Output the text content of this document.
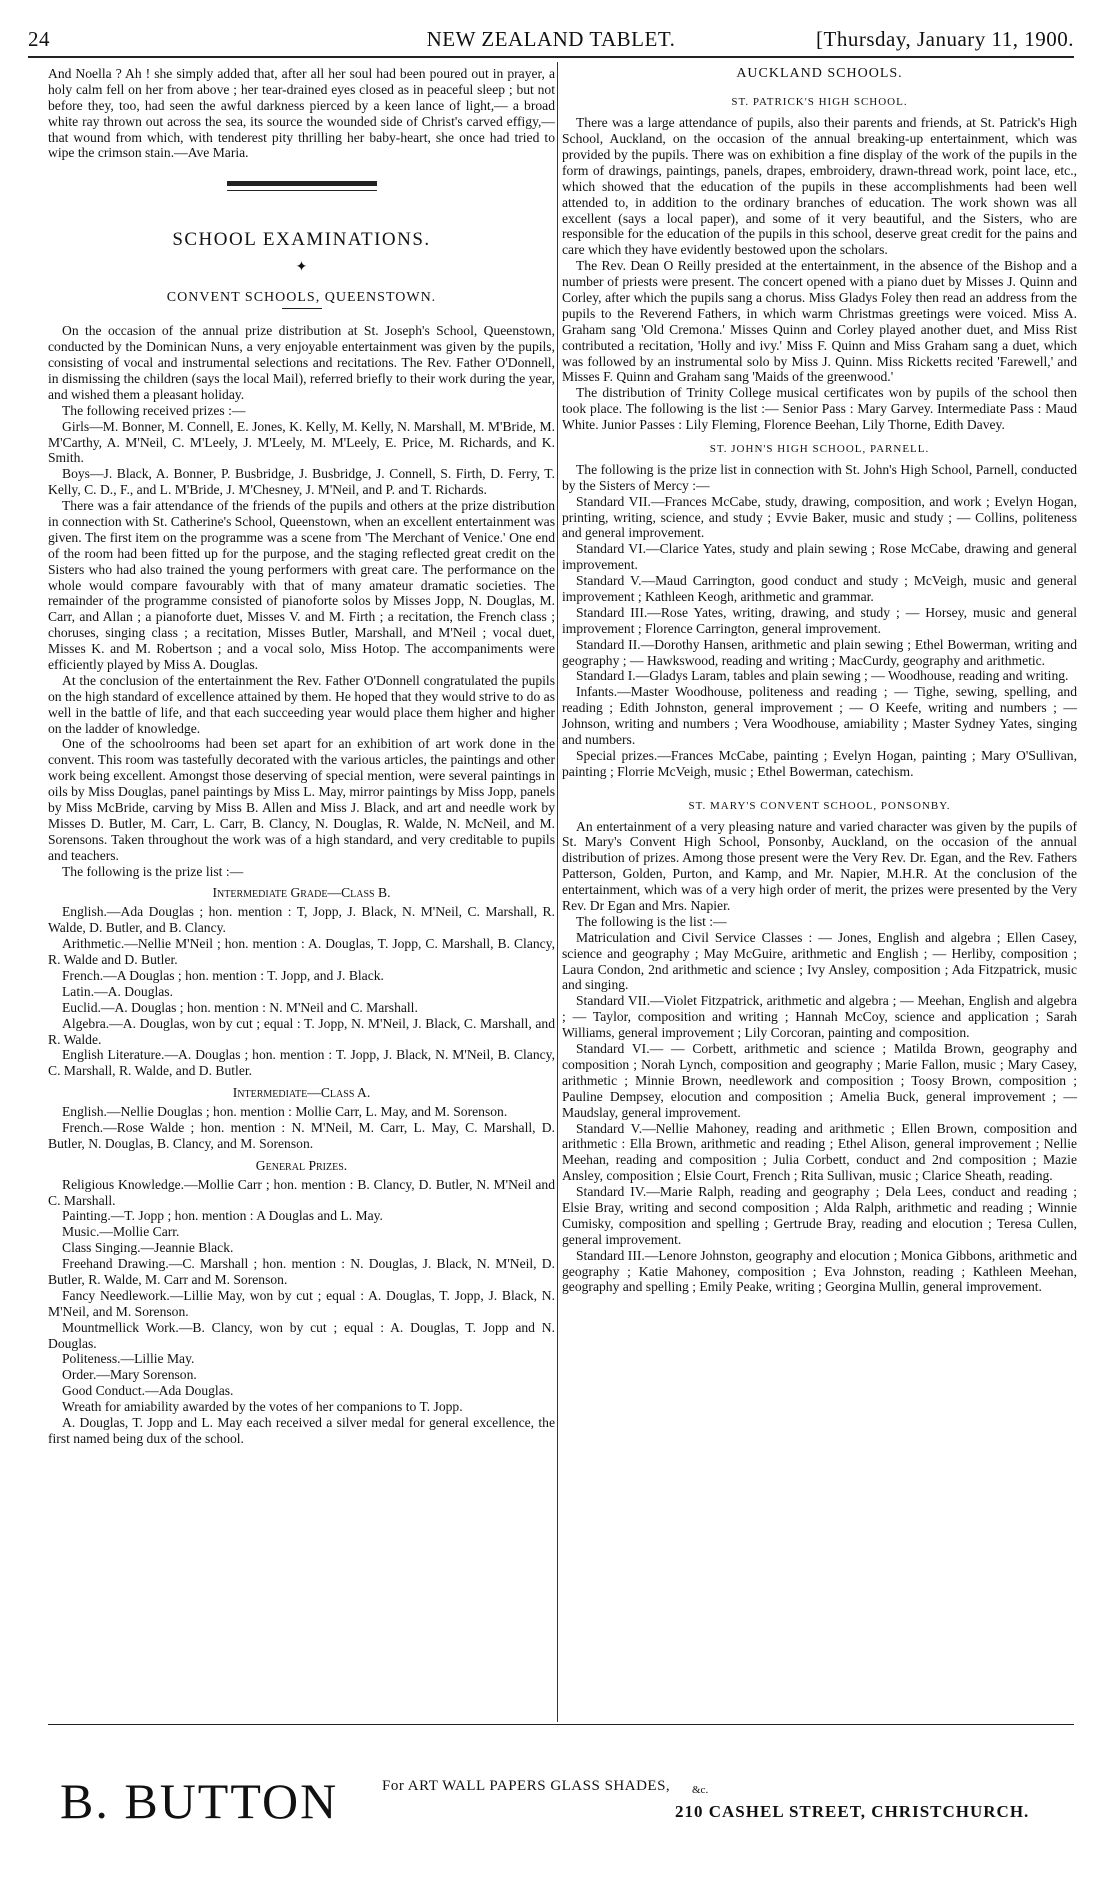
24	NEW ZEALAND TABLET.	[Thursday, January 11, 1900.

And Noella ? Ah ! she simply added that, after all her soul had been poured out in prayer, a holy calm fell on her from above ; her tear-drained eyes closed as in peaceful sleep ; but not before they, too, had seen the awful darkness pierced by a keen lance of light,— a broad white ray thrown out across the sea, its source the wounded side of Christ's carved effigy,—that wound from which, with tenderest pity thrilling her baby-heart, she once had tried to wipe the crimson stain.—Ave Maria.

SCHOOL EXAMINATIONS.
✦
CONVENT SCHOOLS, QUEENSTOWN.

On the occasion of the annual prize distribution at St. Joseph's School, Queenstown, conducted by the Dominican Nuns, a very enjoyable entertainment was given by the pupils, consisting of vocal and instrumental selections and recitations. The Rev. Father O'Donnell, in dismissing the children (says the local Mail), referred briefly to their work during the year, and wished them a pleasant holiday.

The following received prizes :—

Girls—M. Bonner, M. Connell, E. Jones, K. Kelly, M. Kelly, N. Marshall, M. M'Bride, M. M'Carthy, A. M'Neil, C. M'Leely, J. M'Leely, M. M'Leely, E. Price, M. Richards, and K. Smith.

Boys—J. Black, A. Bonner, P. Busbridge, J. Busbridge, J. Connell, S. Firth, D. Ferry, T. Kelly, C. D., F., and L. M'Bride, J. M'Chesney, J. M'Neil, and P. and T. Richards.

There was a fair attendance of the friends of the pupils and others at the prize distribution in connection with St. Catherine's School, Queenstown, when an excellent entertainment was given. The first item on the programme was a scene from 'The Merchant of Venice.' One end of the room had been fitted up for the purpose, and the staging reflected great credit on the Sisters who had also trained the young performers with great care. The performance on the whole would compare favourably with that of many amateur dramatic societies. The remainder of the programme consisted of pianoforte solos by Misses Jopp, N. Douglas, M. Carr, and Allan ; a pianoforte duet, Misses V. and M. Firth ; a recitation, the French class ; choruses, singing class ; a recitation, Misses Butler, Marshall, and M'Neil ; vocal duet, Misses K. and M. Robertson ; and a vocal solo, Miss Hotop. The accompaniments were efficiently played by Miss A. Douglas.

At the conclusion of the entertainment the Rev. Father O'Donnell congratulated the pupils on the high standard of excellence attained by them. He hoped that they would strive to do as well in the battle of life, and that each succeeding year would place them higher and higher on the ladder of knowledge.

One of the schoolrooms had been set apart for an exhibition of art work done in the convent. This room was tastefully decorated with the various articles, the paintings and other work being excellent. Amongst those deserving of special mention, were several paintings in oils by Miss Douglas, panel paintings by Miss L. May, mirror paintings by Miss Jopp, panels by Miss McBride, carving by Miss B. Allen and Miss J. Black, and art and needle work by Misses D. Butler, M. Carr, L. Carr, B. Clancy, N. Douglas, R. Walde, N. McNeil, and M. Sorensons. Taken throughout the work was of a high standard, and very creditable to pupils and teachers.

The following is the prize list :—

Intermediate Grade—Class B.

English.—Ada Douglas ; hon. mention : T, Jopp, J. Black, N. M'Neil, C. Marshall, R. Walde, D. Butler, and B. Clancy.

Arithmetic.—Nellie M'Neil ; hon. mention : A. Douglas, T. Jopp, C. Marshall, B. Clancy, R. Walde and D. Butler.

French.—A Douglas ; hon. mention : T. Jopp, and J. Black.

Latin.—A. Douglas.

Euclid.—A. Douglas ; hon. mention : N. M'Neil and C. Marshall.

Algebra.—A. Douglas, won by cut ; equal : T. Jopp, N. M'Neil, J. Black, C. Marshall, and R. Walde.

English Literature.—A. Douglas ; hon. mention : T. Jopp, J. Black, N. M'Neil, B. Clancy, C. Marshall, R. Walde, and D. Butler.

Intermediate—Class A.

English.—Nellie Douglas ; hon. mention : Mollie Carr, L. May, and M. Sorenson.

French.—Rose Walde ; hon. mention : N. M'Neil, M. Carr, L. May, C. Marshall, D. Butler, N. Douglas, B. Clancy, and M. Sorenson.

General Prizes.

Religious Knowledge.—Mollie Carr ; hon. mention : B. Clancy, D. Butler, N. M'Neil and C. Marshall.

Painting.—T. Jopp ; hon. mention : A Douglas and L. May.

Music.—Mollie Carr.

Class Singing.—Jeannie Black.

Freehand Drawing.—C. Marshall ; hon. mention : N. Douglas, J. Black, N. M'Neil, D. Butler, R. Walde, M. Carr and M. Sorenson.

Fancy Needlework.—Lillie May, won by cut ; equal : A. Douglas, T. Jopp, J. Black, N. M'Neil, and M. Sorenson.

Mountmellick Work.—B. Clancy, won by cut ; equal : A. Douglas, T. Jopp and N. Douglas.

Politeness.—Lillie May.

Order.—Mary Sorenson.

Good Conduct.—Ada Douglas.

Wreath for amiability awarded by the votes of her companions to T. Jopp.

A. Douglas, T. Jopp and L. May each received a silver medal for general excellence, the first named being dux of the school.

AUCKLAND SCHOOLS.
ST. PATRICK'S HIGH SCHOOL.

There was a large attendance of pupils, also their parents and friends, at St. Patrick's High School, Auckland, on the occasion of the annual breaking-up entertainment, which was provided by the pupils. There was on exhibition a fine display of the work of the pupils in the form of drawings, paintings, panels, drapes, embroidery, drawn-thread work, point lace, etc., which showed that the education of the pupils in these accomplishments had been well attended to, in addition to the ordinary branches of education. The work shown was all excellent (says a local paper), and some of it very beautiful, and the Sisters, who are responsible for the education of the pupils in this school, deserve great credit for the pains and care which they have evidently bestowed upon the scholars.

The Rev. Dean O Reilly presided at the entertainment, in the absence of the Bishop and a number of priests were present. The concert opened with a piano duet by Misses J. Quinn and Corley, after which the pupils sang a chorus. Miss Gladys Foley then read an address from the pupils to the Reverend Fathers, in which warm Christmas greetings were voiced. Miss A. Graham sang 'Old Cremona.' Misses Quinn and Corley played another duet, and Miss Rist contributed a recitation, 'Holly and ivy.' Miss F. Quinn and Miss Graham sang a duet, which was followed by an instrumental solo by Miss J. Quinn. Miss Ricketts recited 'Farewell,' and Misses F. Quinn and Graham sang 'Maids of the greenwood.'

The distribution of Trinity College musical certificates won by pupils of the school then took place. The following is the list :— Senior Pass : Mary Garvey. Intermediate Pass : Maud White. Junior Passes : Lily Fleming, Florence Beehan, Lily Thorne, Edith Davey.

ST. JOHN'S HIGH SCHOOL, PARNELL.

The following is the prize list in connection with St. John's High School, Parnell, conducted by the Sisters of Mercy :—

Standard VII.—Frances McCabe, study, drawing, composition, and work ; Evelyn Hogan, printing, writing, science, and study ; Evvie Baker, music and study ; — Collins, politeness and general improvement.

Standard VI.—Clarice Yates, study and plain sewing ; Rose McCabe, drawing and general improvement.

Standard V.—Maud Carrington, good conduct and study ; McVeigh, music and general improvement ; Kathleen Keogh, arithmetic and grammar.

Standard III.—Rose Yates, writing, drawing, and study ; — Horsey, music and general improvement ; Florence Carrington, general improvement.

Standard II.—Dorothy Hansen, arithmetic and plain sewing ; Ethel Bowerman, writing and geography ; — Hawkswood, reading and writing ; MacCurdy, geography and arithmetic.

Standard I.—Gladys Laram, tables and plain sewing ; — Woodhouse, reading and writing.

Infants.—Master Woodhouse, politeness and reading ; — Tighe, sewing, spelling, and reading ; Edith Johnston, general improvement ; — O Keefe, writing and numbers ; — Johnson, writing and numbers ; Vera Woodhouse, amiability ; Master Sydney Yates, singing and numbers.

Special prizes.—Frances McCabe, painting ; Evelyn Hogan, painting ; Mary O'Sullivan, painting ; Florrie McVeigh, music ; Ethel Bowerman, catechism.

ST. MARY'S CONVENT SCHOOL, PONSONBY.

An entertainment of a very pleasing nature and varied character was given by the pupils of St. Mary's Convent High School, Ponsonby, Auckland, on the occasion of the annual distribution of prizes. Among those present were the Very Rev. Dr. Egan, and the Rev. Fathers Patterson, Golden, Purton, and Kamp, and Mr. Napier, M.H.R. At the conclusion of the entertainment, which was of a very high order of merit, the prizes were presented by the Very Rev. Dr Egan and Mrs. Napier.

The following is the list :—

Matriculation and Civil Service Classes : — Jones, English and algebra ; Ellen Casey, science and geography ; May McGuire, arithmetic and English ; — Herliby, composition ; Laura Condon, 2nd arithmetic and science ; Ivy Ansley, composition ; Ada Fitzpatrick, music and singing.

Standard VII.—Violet Fitzpatrick, arithmetic and algebra ; — Meehan, English and algebra ; — Taylor, composition and writing ; Hannah McCoy, science and application ; Sarah Williams, general improvement ; Lily Corcoran, painting and composition.

Standard VI.— — Corbett, arithmetic and science ; Matilda Brown, geography and composition ; Norah Lynch, composition and geography ; Marie Fallon, music ; Mary Casey, arithmetic ; Minnie Brown, needlework and composition ; Toosy Brown, composition ; Pauline Dempsey, elocution and composition ; Amelia Buck, general improvement ; — Maudslay, general improvement.

Standard V.—Nellie Mahoney, reading and arithmetic ; Ellen Brown, composition and arithmetic : Ella Brown, arithmetic and reading ; Ethel Alison, general improvement ; Nellie Meehan, reading and composition ; Julia Corbett, conduct and 2nd composition ; Mazie Ansley, composition ; Elsie Court, French ; Rita Sullivan, music ; Clarice Sheath, reading.

Standard IV.—Marie Ralph, reading and geography ; Dela Lees, conduct and reading ; Elsie Bray, writing and second composition ; Alda Ralph, arithmetic and reading ; Winnie Cumisky, composition and spelling ; Gertrude Bray, reading and elocution ; Teresa Cullen, general improvement.

Standard III.—Lenore Johnston, geography and elocution ; Monica Gibbons, arithmetic and geography ; Katie Mahoney, composition ; Eva Johnston, reading ; Kathleen Meehan, geography and spelling ; Emily Peake, writing ; Georgina Mullin, general improvement.

B. BUTTON	For ART WALL PAPERS GLASS SHADES, &c.
210 CASHEL STREET, CHRISTCHURCH.
